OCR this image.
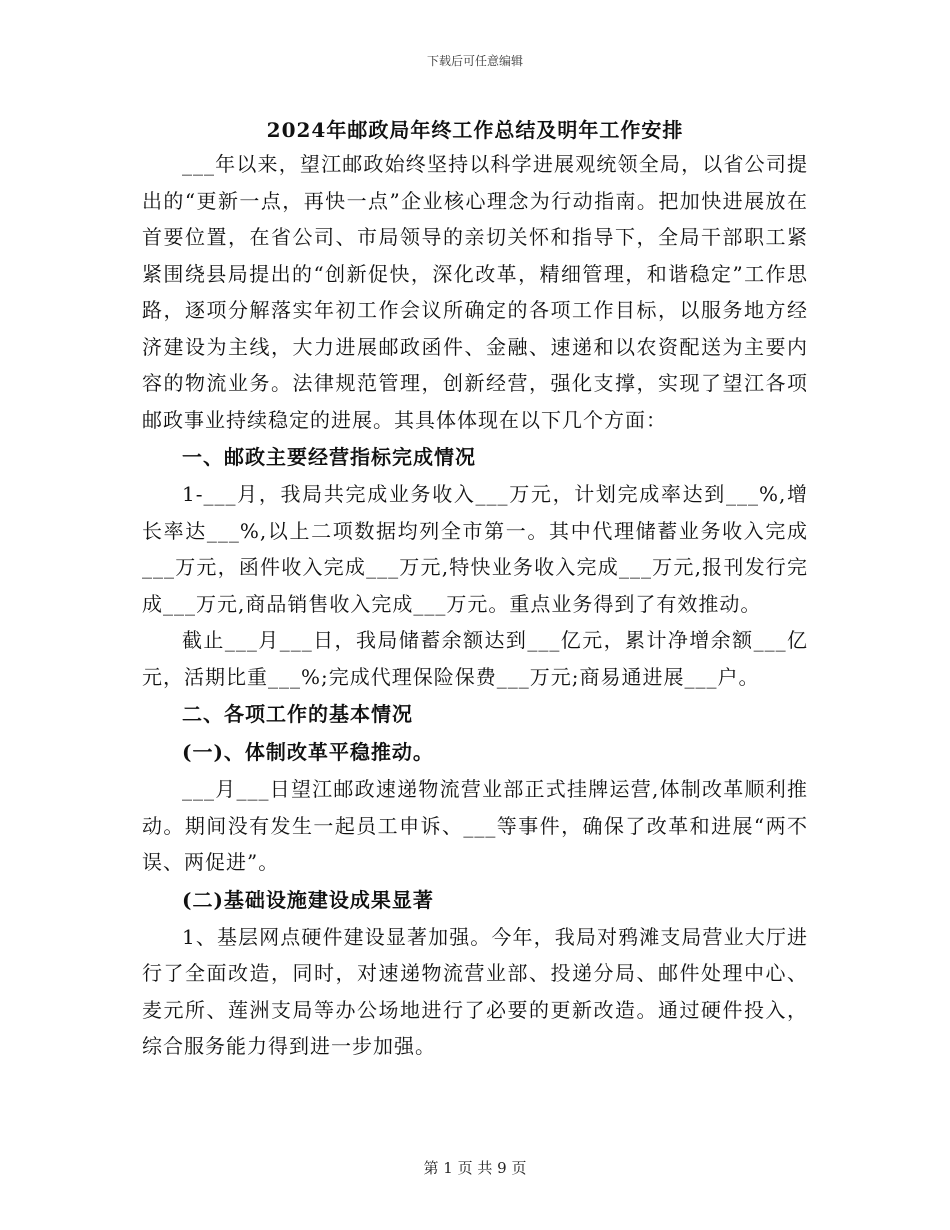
下载后可任意编辑
2024年邮政局年终工作总结及明年工作安排

___年以来，望江邮政始终坚持以科学进展观统领全局，以省公司提出的“更新一点，再快一点”企业核心理念为行动指南。把加快进展放在首要位置，在省公司、市局领导的亲切关怀和指导下，全局干部职工紧紧围绕县局提出的“创新促快，深化改革，精细管理，和谐稳定”工作思路，逐项分解落实年初工作会议所确定的各项工作目标，以服务地方经济建设为主线，大力进展邮政函件、金融、速递和以农资配送为主要内容的物流业务。法律规范管理，创新经营，强化支撑，实现了望江各项邮政事业持续稳定的进展。其具体体现在以下几个方面：

一、邮政主要经营指标完成情况

1-___月，我局共完成业务收入___万元，计划完成率达到___%,增长率达___%,以上二项数据均列全市第一。其中代理储蓄业务收入完成___万元，函件收入完成___万元,特快业务收入完成___万元,报刊发行完成___万元,商品销售收入完成___万元。重点业务得到了有效推动。

截止___月___日，我局储蓄余额达到___亿元，累计净增余额___亿元，活期比重___%;完成代理保险保费___万元;商易通进展___户。

二、各项工作的基本情况

(一)、体制改革平稳推动。

___月___日望江邮政速递物流营业部正式挂牌运营,体制改革顺利推动。期间没有发生一起员工申诉、___等事件，确保了改革和进展“两不误、两促进”。

(二)基础设施建设成果显著

1、基层网点硬件建设显著加强。今年，我局对鸦滩支局营业大厅进行了全面改造，同时，对速递物流营业部、投递分局、邮件处理中心、麦元所、莲洲支局等办公场地进行了必要的更新改造。通过硬件投入，综合服务能力得到进一步加强。

第 1 页 共 9 页
